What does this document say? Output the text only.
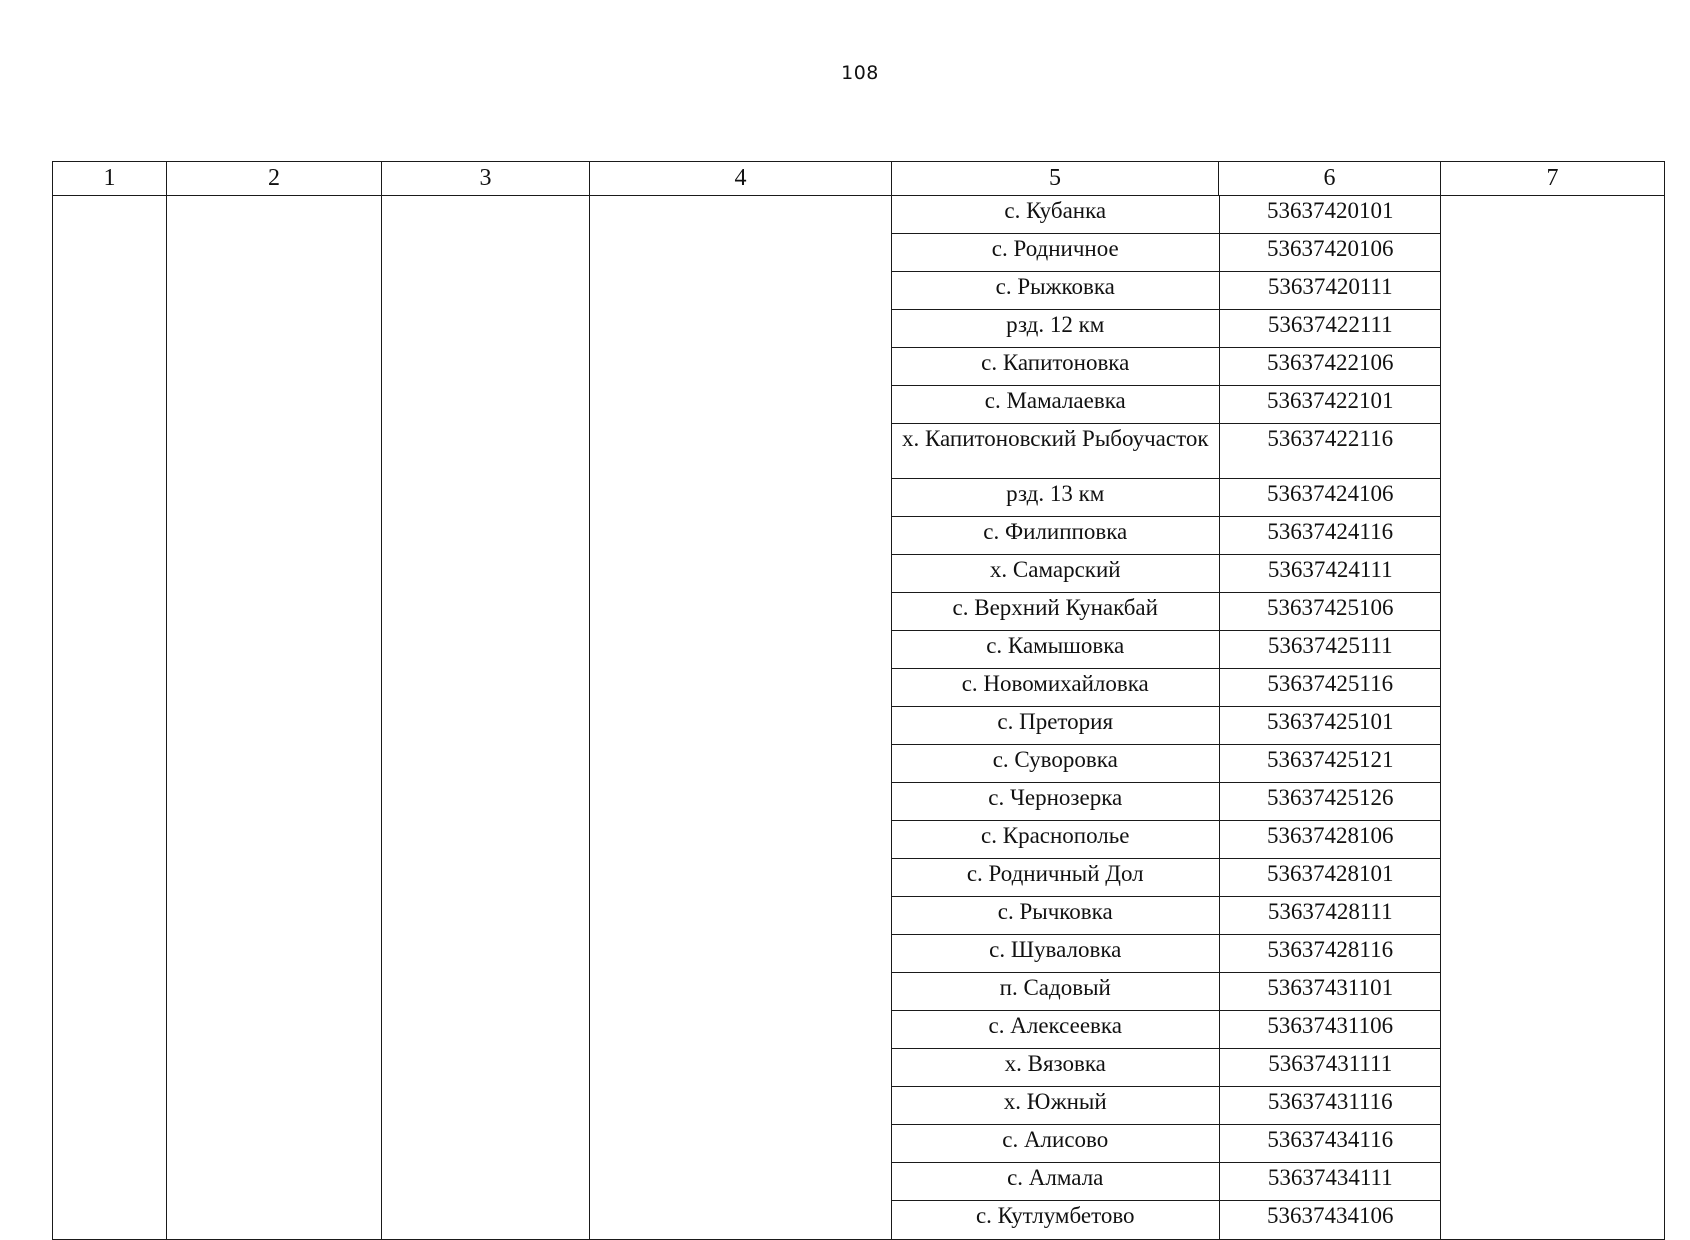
108
1	2	3	4	5	6	7

с. Кубанка	53637420101
с. Родничное	53637420106
с. Рыжковка	53637420111
рзд. 12 км	53637422111
с. Капитоновка	53637422106
с. Мамалаевка	53637422101
х. Капитоновский Рыбоучасток	53637422116
рзд. 13 км	53637424106
с. Филипповка	53637424116
х. Самарский	53637424111
с. Верхний Кунакбай	53637425106
с. Камышовка	53637425111
с. Новомихайловка	53637425116
с. Претория	53637425101
с. Суворовка	53637425121
с. Чернозерка	53637425126
с. Краснополье	53637428106
с. Родничный Дол	53637428101
с. Рычковка	53637428111
с. Шуваловка	53637428116
п. Садовый	53637431101
с. Алексеевка	53637431106
х. Вязовка	53637431111
х. Южный	53637431116
с. Алисово	53637434116
с. Алмала	53637434111
с. Кутлумбетово	53637434106
